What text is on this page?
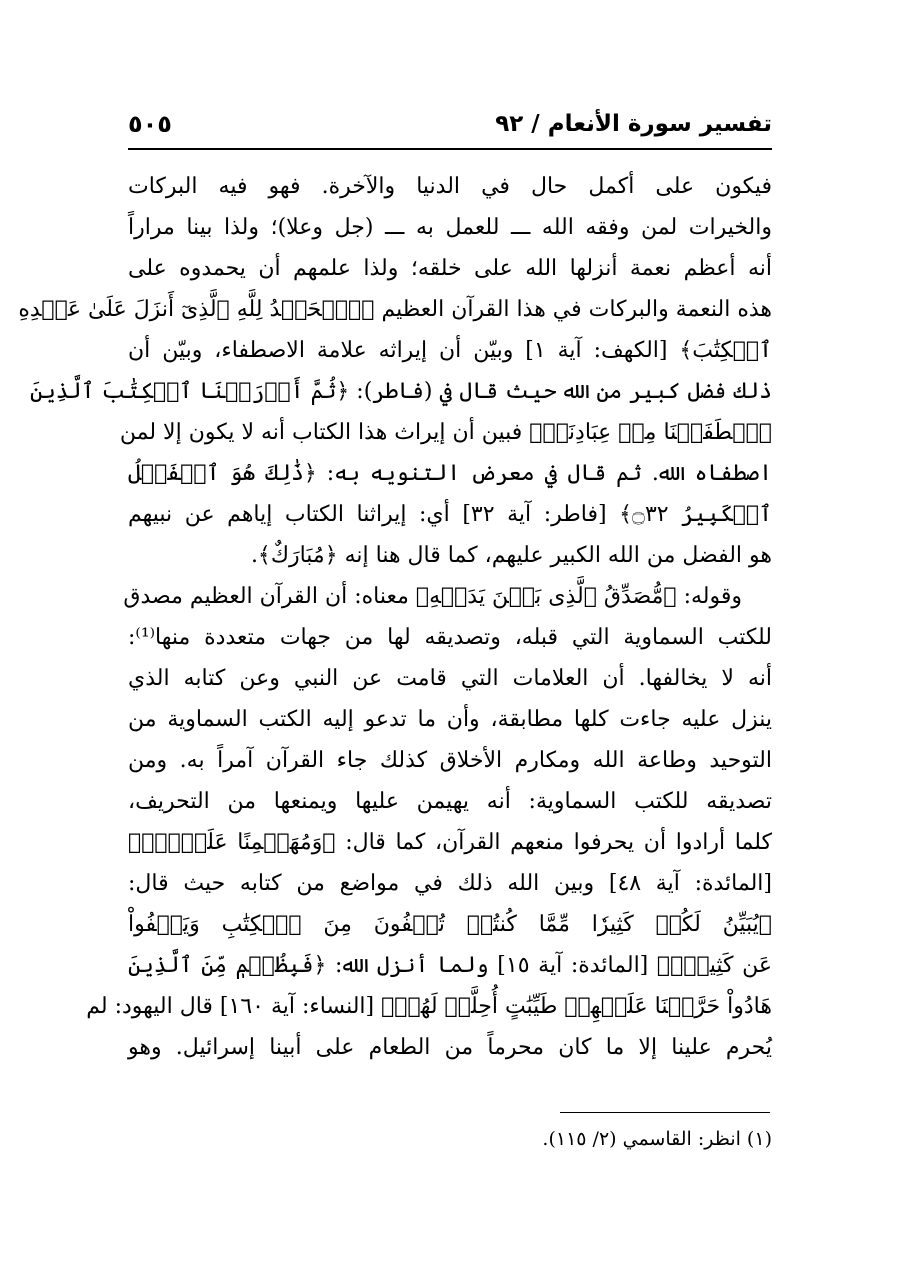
تفسير سورة الأنعام / ٩٢
٥٠٥
فيكون على أكمل حال في الدنيا والآخرة. فهو فيه البركات
والخيرات لمن وفقه الله ـــ للعمل به ـــ (جل وعلا)؛ ولذا بينا مراراً
أنه أعظم نعمة أنزلها الله على خلقه؛ ولذا علمهم أن يحمدوه على
هذه النعمة والبركات في هذا القرآن العظيم ﴿ٱلۡحَمۡدُ لِلَّهِ ٱلَّذِىٓ أَنزَلَ عَلَىٰ عَبۡدِهِ
ٱلۡكِتَٰبَ﴾ [الكهف: آية ١] وبيّن أن إيراثه علامة الاصطفاء، وبيّن أن
ذلك فضل كبير من الله حيث قال في (فاطر): ﴿ثُمَّ أَوۡرَثۡنَا ٱلۡكِتَٰبَ ٱلَّذِينَ
ٱصۡطَفَيۡنَا مِنۡ عِبَادِنَاۖ﴾ فبين أن إيراث هذا الكتاب أنه لا يكون إلا لمن
اصطفاه الله. ثم قال في معرض التنويه به: ﴿ذَٰلِكَ هُوَ ٱلۡفَضۡلُ
ٱلۡكَبِيرُ ۝٣٢﴾ [فاطر: آية ٣٢] أي: إيراثنا الكتاب إياهم عن نبيهم
هو الفضل من الله الكبير عليهم، كما قال هنا إنه ﴿مُبَارَكٌ﴾.
وقوله: ﴿مُّصَدِّقُ ٱلَّذِى بَيۡنَ يَدَيۡهِ﴾ معناه: أن القرآن العظيم مصدق
للكتب السماوية التي قبله، وتصديقه لها من جهات متعددة منها⁽¹⁾:
أنه لا يخالفها. أن العلامات التي قامت عن النبي وعن كتابه الذي
ينزل عليه جاءت كلها مطابقة، وأن ما تدعو إليه الكتب السماوية من
التوحيد وطاعة الله ومكارم الأخلاق كذلك جاء القرآن آمراً به. ومن
تصديقه للكتب السماوية: أنه يهيمن عليها ويمنعها من التحريف،
كلما أرادوا أن يحرفوا منعهم القرآن، كما قال: ﴿وَمُهَيۡمِنًا عَلَيۡهِۖ﴾
[المائدة: آية ٤٨] وبين الله ذلك في مواضع من كتابه حيث قال:
﴿يُبَيِّنُ لَكُمۡ كَثِيرٗا مِّمَّا كُنتُمۡ تُخۡفُونَ مِنَ ٱلۡكِتَٰبِ وَيَعۡفُواْ
عَن كَثِيرٖۚ﴾ [المائدة: آية ١٥] ولما أنزل الله: ﴿فَبِظُلۡمٖ مِّنَ ٱلَّذِينَ
هَادُواْ حَرَّمۡنَا عَلَيۡهِمۡ طَيِّبَٰتٍ أُحِلَّتۡ لَهُمۡ﴾ [النساء: آية ١٦٠] قال اليهود: لم
يُحرم علينا إلا ما كان محرماً من الطعام على أبينا إسرائيل. وهو
(١) انظر: القاسمي (٢/ ١١٥).
